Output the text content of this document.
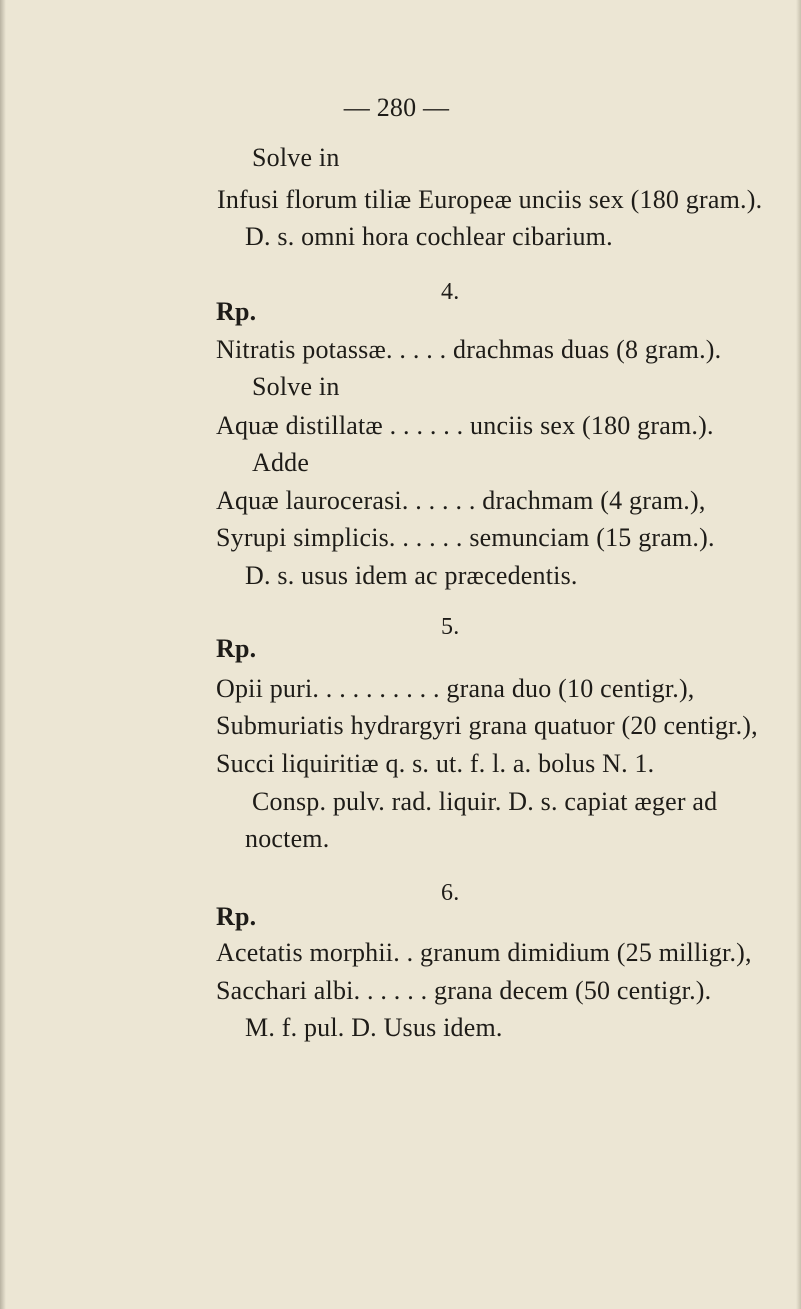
— 280 —
Solve in
Infusi florum tiliæ Europeæ unciis sex (180 gram.).
D. s. omni hora cochlear cibarium.
4.
Rp.
Nitratis potassæ. . . . . drachmas duas (8 gram.).
Solve in
Aquæ distillatæ . . . . . . unciis sex (180 gram.).
Adde
Aquæ laurocerasi. . . . . . drachmam (4 gram.),
Syrupi simplicis. . . . . . semunciam (15 gram.).
D. s. usus idem ac præcedentis.
5.
Rp.
Opii puri. . . . . . . . . . grana duo (10 centigr.),
Submuriatis hydrargyri grana quatuor (20 centigr.),
Succi liquiritiæ q. s. ut. f. l. a. bolus N. 1.
Consp. pulv. rad. liquir. D. s. capiat æger ad
noctem.
6.
Rp.
Acetatis morphii. . granum dimidium (25 milligr.),
Sacchari albi. . . . . . grana decem (50 centigr.).
M. f. pul. D. Usus idem.
